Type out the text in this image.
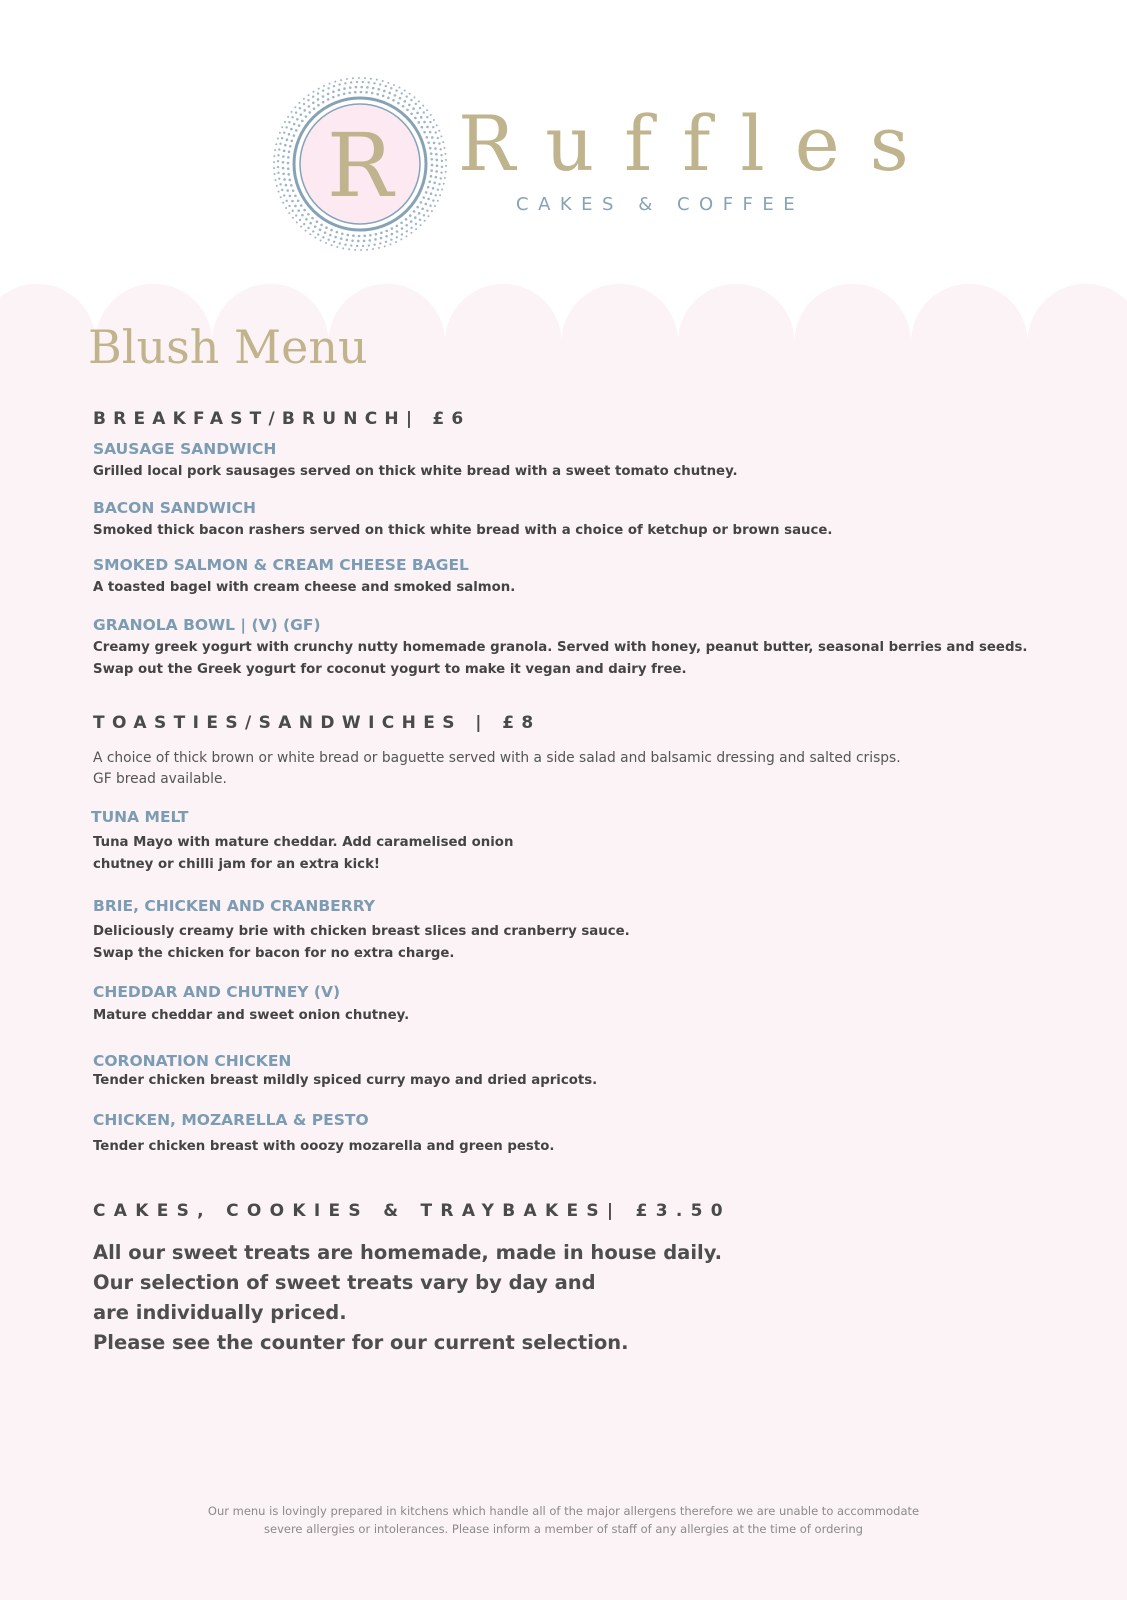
R Ruffles
CAKES & COFFEE
Blush Menu
BREAKFAST/BRUNCH| £6
SAUSAGE SANDWICH

Grilled local pork sausages served on thick white bread with a sweet tomato chutney.

BACON SANDWICH

Smoked thick bacon rashers served on thick white bread with a choice of ketchup or brown sauce.

SMOKED SALMON & CREAM CHEESE BAGEL

A toasted bagel with cream cheese and smoked salmon.

GRANOLA BOWL | (V) (GF)

Creamy greek yogurt with crunchy nutty homemade granola. Served with honey, peanut butter, seasonal berries and seeds.
Swap out the Greek yogurt for coconut yogurt to make it vegan and dairy free.

TOASTIES/SANDWICHES | £8

A choice of thick brown or white bread or baguette served with a side salad and balsamic dressing and salted crisps.
GF bread available.

TUNA MELT

Tuna Mayo with mature cheddar. Add caramelised onion
chutney or chilli jam for an extra kick!

BRIE, CHICKEN AND CRANBERRY

Deliciously creamy brie with chicken breast slices and cranberry sauce.
Swap the chicken for bacon for no extra charge.

CHEDDAR AND CHUTNEY (V)

Mature cheddar and sweet onion chutney.

CORONATION CHICKEN

Tender chicken breast mildly spiced curry mayo and dried apricots.

CHICKEN, MOZARELLA & PESTO

Tender chicken breast with ooozy mozarella and green pesto.

CAKES, COOKIES & TRAYBAKES| £3.50

All our sweet treats are homemade, made in house daily.
Our selection of sweet treats vary by day and
are individually priced.
Please see the counter for our current selection.

Our menu is lovingly prepared in kitchens which handle all of the major allergens therefore we are unable to accommodate
severe allergies or intolerances. Please inform a member of staff of any allergies at the time of ordering
